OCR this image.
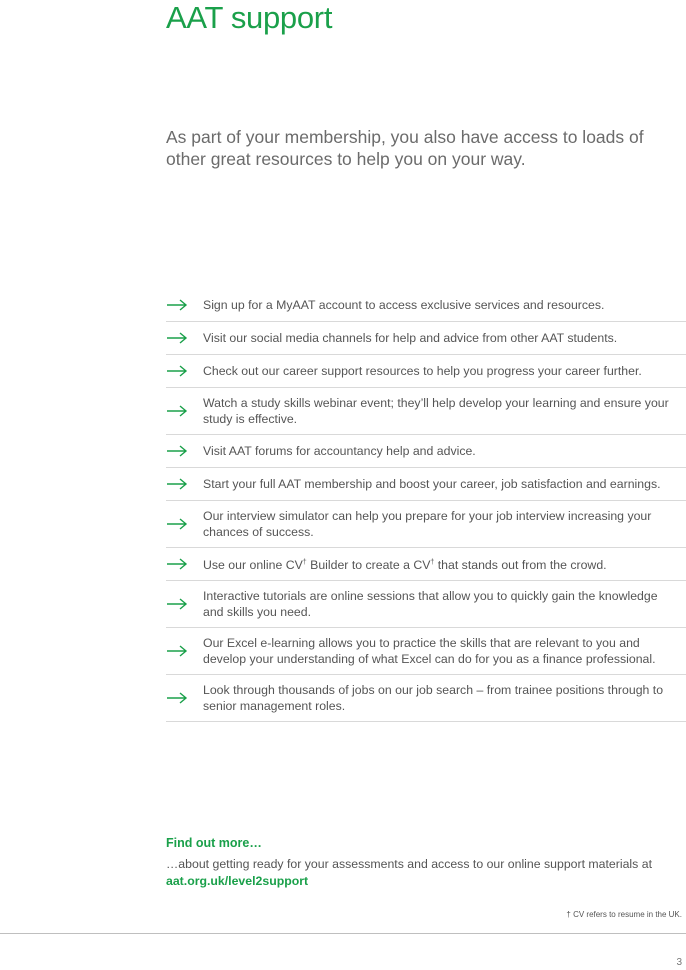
AAT support

As part of your membership, you also have access to loads of other great resources to help you on your way.

Sign up for a MyAAT account to access exclusive services and resources.
Visit our social media channels for help and advice from other AAT students.
Check out our career support resources to help you progress your career further.
Watch a study skills webinar event; they’ll help develop your learning and ensure your study is effective.
Visit AAT forums for accountancy help and advice.
Start your full AAT membership and boost your career, job satisfaction and earnings.
Our interview simulator can help you prepare for your job interview increasing your chances of success.
Use our online CV† Builder to create a CV† that stands out from the crowd.
Interactive tutorials are online sessions that allow you to quickly gain the knowledge and skills you need.
Our Excel e-learning allows you to practice the skills that are relevant to you and develop your understanding of what Excel can do for you as a finance professional.
Look through thousands of jobs on our job search – from trainee positions through to senior management roles.

Find out more…

…about getting ready for your assessments and access to our online support materials at aat.org.uk/level2support

† CV refers to resume in the UK.

3
